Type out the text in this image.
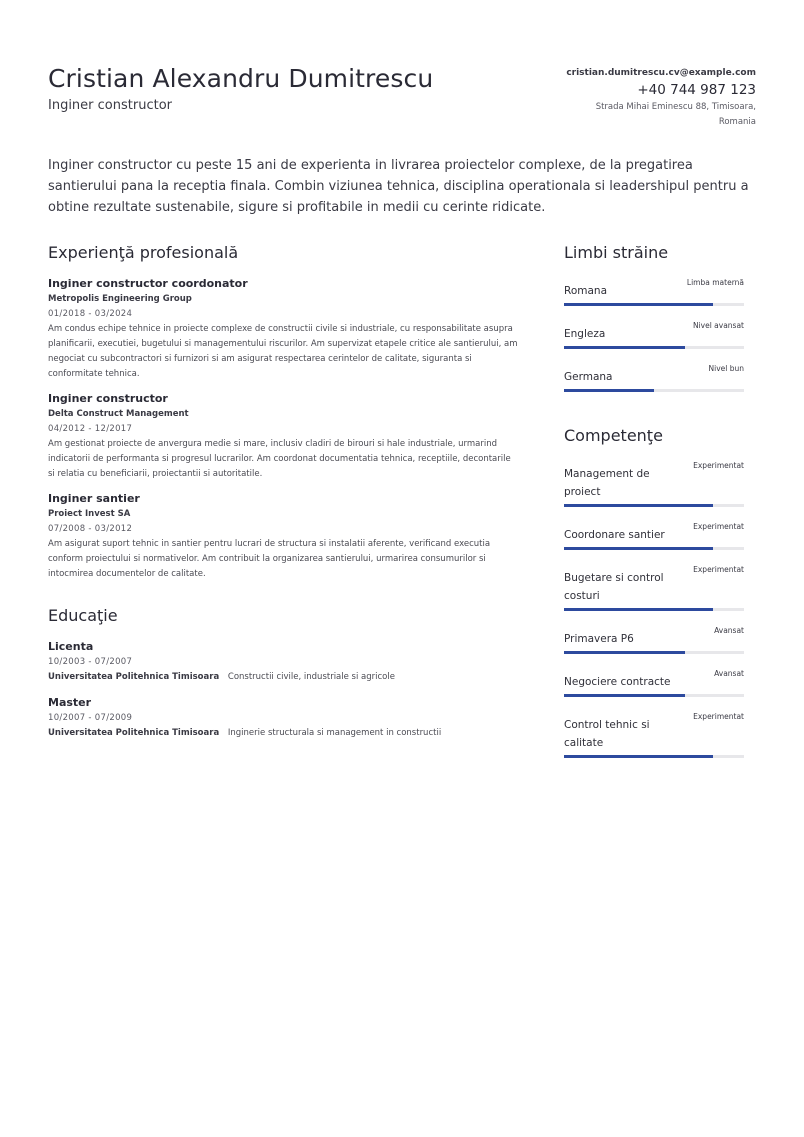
Cristian Alexandru Dumitrescu
Inginer constructor
cristian.dumitrescu.cv@example.com
+40 744 987 123
Strada Mihai Eminescu 88, Timisoara,
Romania
Inginer constructor cu peste 15 ani de experienta in livrarea proiectelor complexe, de la pregatirea santierului pana la receptia finala. Combin viziunea tehnica, disciplina operationala si leadershipul pentru a obtine rezultate sustenabile, sigure si profitabile in medii cu cerinte ridicate.
Experienţă profesională
Inginer constructor coordonator
Metropolis Engineering Group
01/2018 - 03/2024
Am condus echipe tehnice in proiecte complexe de constructii civile si industriale, cu responsabilitate asupra planificarii, executiei, bugetului si managementului riscurilor. Am supervizat etapele critice ale santierului, am negociat cu subcontractori si furnizori si am asigurat respectarea cerintelor de calitate, siguranta si conformitate tehnica.
Inginer constructor
Delta Construct Management
04/2012 - 12/2017
Am gestionat proiecte de anvergura medie si mare, inclusiv cladiri de birouri si hale industriale, urmarind indicatorii de performanta si progresul lucrarilor. Am coordonat documentatia tehnica, receptiile, decontarile si relatia cu beneficiarii, proiectantii si autoritatile.
Inginer santier
Proiect Invest SA
07/2008 - 03/2012
Am asigurat suport tehnic in santier pentru lucrari de structura si instalatii aferente, verificand executia conform proiectului si normativelor. Am contribuit la organizarea santierului, urmarirea consumurilor si intocmirea documentelor de calitate.
Educaţie
Licenta
10/2003 - 07/2007
Universitatea Politehnica Timisoara Constructii civile, industriale si agricole
Master
10/2007 - 07/2009
Universitatea Politehnica Timisoara Inginerie structurala si management in constructii
Limbi străine
Romana
Limba maternă
Engleza
Nivel avansat
Germana
Nivel bun
Competenţe
Management de proiect
Experimentat
Coordonare santier
Experimentat
Bugetare si control costuri
Experimentat
Primavera P6
Avansat
Negociere contracte
Avansat
Control tehnic si calitate
Experimentat
